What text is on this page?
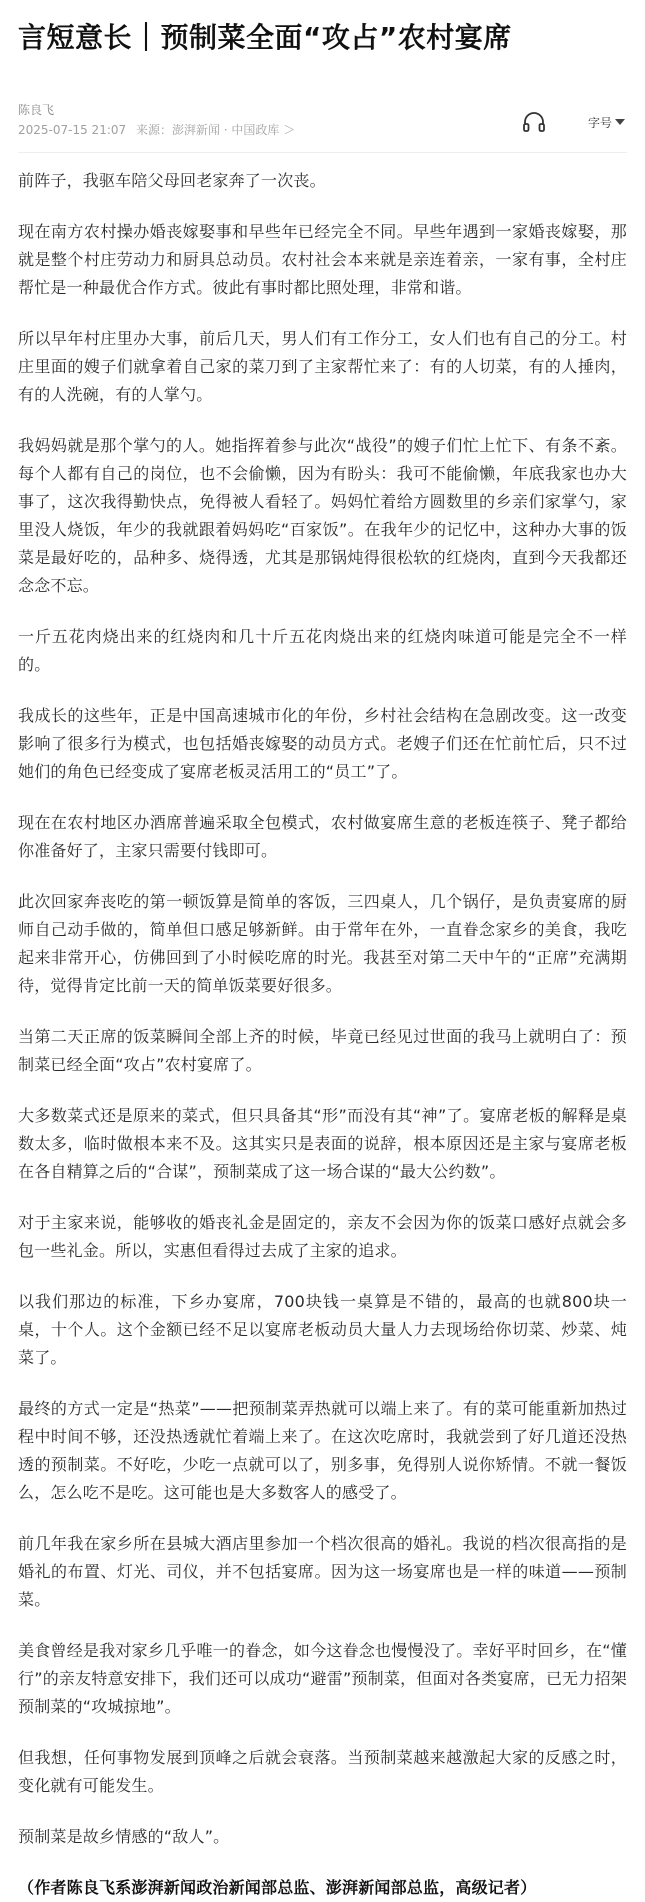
言短意长｜预制菜全面“攻占”农村宴席
陈良飞
2025-07-15 21:07 来源：澎湃新闻 · 中国政库 ＞
字号

前阵子，我驱车陪父母回老家奔了一次丧。

现在南方农村操办婚丧嫁娶事和早些年已经完全不同。早些年遇到一家婚丧嫁娶，那就是整个村庄劳动力和厨具总动员。农村社会本来就是亲连着亲，一家有事，全村庄帮忙是一种最优合作方式。彼此有事时都比照处理，非常和谐。

所以早年村庄里办大事，前后几天，男人们有工作分工，女人们也有自己的分工。村庄里面的嫂子们就拿着自己家的菜刀到了主家帮忙来了：有的人切菜，有的人捶肉，有的人洗碗，有的人掌勺。

我妈妈就是那个掌勺的人。她指挥着参与此次“战役”的嫂子们忙上忙下、有条不紊。每个人都有自己的岗位，也不会偷懒，因为有盼头：我可不能偷懒，年底我家也办大事了，这次我得勤快点，免得被人看轻了。妈妈忙着给方圆数里的乡亲们家掌勺，家里没人烧饭，年少的我就跟着妈妈吃“百家饭”。在我年少的记忆中，这种办大事的饭菜是最好吃的，品种多、烧得透，尤其是那锅炖得很松软的红烧肉，直到今天我都还念念不忘。

一斤五花肉烧出来的红烧肉和几十斤五花肉烧出来的红烧肉味道可能是完全不一样的。

我成长的这些年，正是中国高速城市化的年份，乡村社会结构在急剧改变。这一改变影响了很多行为模式，也包括婚丧嫁娶的动员方式。老嫂子们还在忙前忙后，只不过她们的角色已经变成了宴席老板灵活用工的“员工”了。

现在在农村地区办酒席普遍采取全包模式，农村做宴席生意的老板连筷子、凳子都给你准备好了，主家只需要付钱即可。

此次回家奔丧吃的第一顿饭算是简单的客饭，三四桌人，几个锅仔，是负责宴席的厨师自己动手做的，简单但口感足够新鲜。由于常年在外，一直眷念家乡的美食，我吃起来非常开心，仿佛回到了小时候吃席的时光。我甚至对第二天中午的“正席”充满期待，觉得肯定比前一天的简单饭菜要好很多。

当第二天正席的饭菜瞬间全部上齐的时候，毕竟已经见过世面的我马上就明白了：预制菜已经全面“攻占”农村宴席了。

大多数菜式还是原来的菜式，但只具备其“形”而没有其“神”了。宴席老板的解释是桌数太多，临时做根本来不及。这其实只是表面的说辞，根本原因还是主家与宴席老板在各自精算之后的“合谋”，预制菜成了这一场合谋的“最大公约数”。

对于主家来说，能够收的婚丧礼金是固定的，亲友不会因为你的饭菜口感好点就会多包一些礼金。所以，实惠但看得过去成了主家的追求。

以我们那边的标准，下乡办宴席，700块钱一桌算是不错的，最高的也就800块一桌，十个人。这个金额已经不足以宴席老板动员大量人力去现场给你切菜、炒菜、炖菜了。

最终的方式一定是“热菜”——把预制菜弄热就可以端上来了。有的菜可能重新加热过程中时间不够，还没热透就忙着端上来了。在这次吃席时，我就尝到了好几道还没热透的预制菜。不好吃，少吃一点就可以了，别多事，免得别人说你矫情。不就一餐饭么，怎么吃不是吃。这可能也是大多数客人的感受了。

前几年我在家乡所在县城大酒店里参加一个档次很高的婚礼。我说的档次很高指的是婚礼的布置、灯光、司仪，并不包括宴席。因为这一场宴席也是一样的味道——预制菜。

美食曾经是我对家乡几乎唯一的眷念，如今这眷念也慢慢没了。幸好平时回乡，在“懂行”的亲友特意安排下，我们还可以成功“避雷”预制菜，但面对各类宴席，已无力招架预制菜的“攻城掠地”。

但我想，任何事物发展到顶峰之后就会衰落。当预制菜越来越激起大家的反感之时，变化就有可能发生。

预制菜是故乡情感的“敌人”。

（作者陈良飞系澎湃新闻政治新闻部总监、澎湃新闻部总监，高级记者）
